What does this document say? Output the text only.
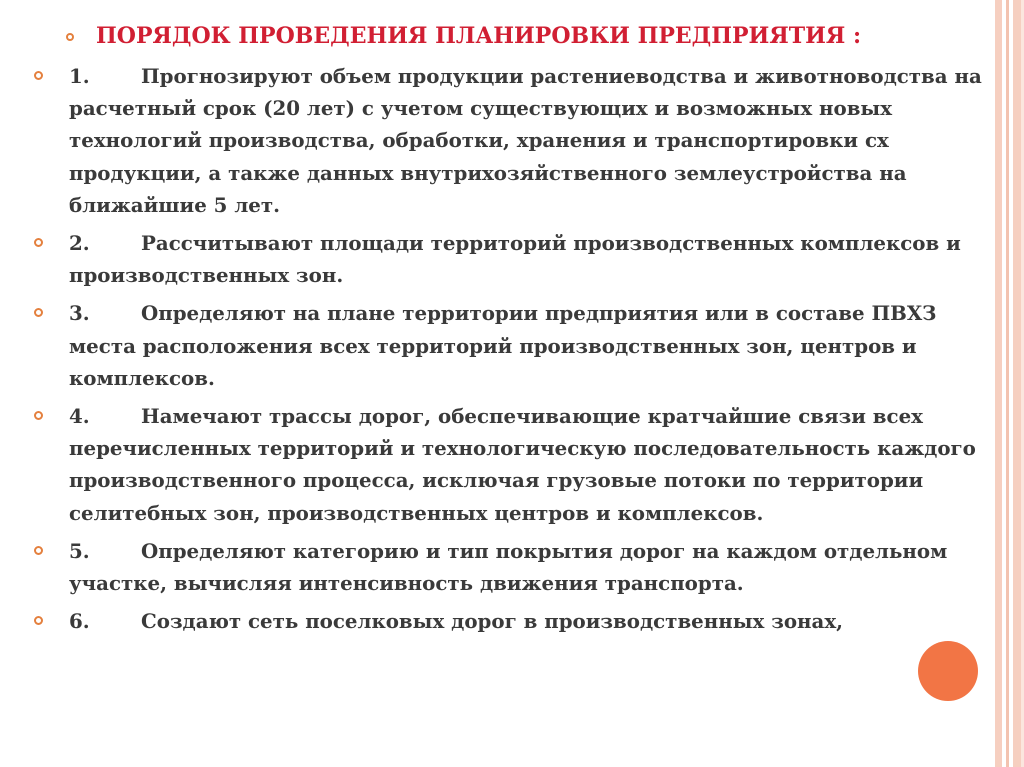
ПОРЯДОК ПРОВЕДЕНИЯ ПЛАНИРОВКИ ПРЕДПРИЯТИЯ :

1.	Прогнозируют объем продукции растениеводства и животноводства на расчетный срок (20 лет) с учетом существующих и возможных новых технологий производства, обработки, хранения и транспортировки сх продукции, а также данных внутрихозяйственного землеустройства на ближайшие 5 лет.

2.	Рассчитывают площади территорий производственных комплексов и производственных зон.

3.	Определяют на плане территории предприятия или в составе ПВХЗ места расположения всех территорий производственных зон, центров и комплексов.

4.	Намечают трассы дорог, обеспечивающие кратчайшие связи всех перечисленных территорий и технологическую последовательность каждого производственного процесса, исключая грузовые потоки по территории селитебных зон, производственных центров и комплексов.

5.	Определяют категорию и тип покрытия дорог на каждом отдельном участке, вычисляя интенсивность движения транспорта.

6.	Создают сеть поселковых дорог в производственных зонах,
